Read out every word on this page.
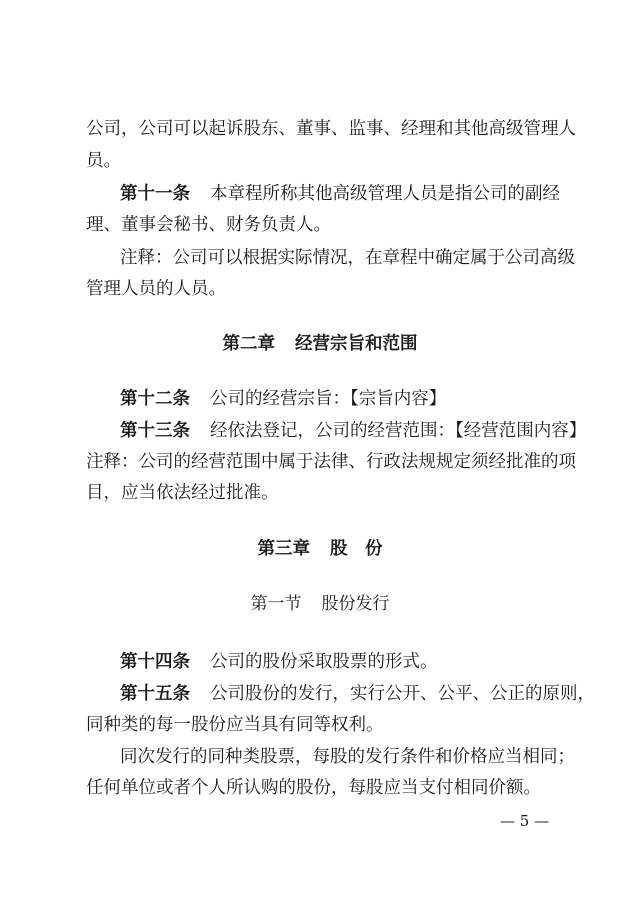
公司，公司可以起诉股东、董事、监事、经理和其他高级管理人
员。
第十一条 本章程所称其他高级管理人员是指公司的副经
理、董事会秘书、财务负责人。
注释：公司可以根据实际情况，在章程中确定属于公司高级
管理人员的人员。
第二章 经营宗旨和范围
第十二条 公司的经营宗旨：【宗旨内容】
第十三条 经依法登记，公司的经营范围：【经营范围内容】
注释：公司的经营范围中属于法律、行政法规规定须经批准的项
目，应当依法经过批准。
第三章 股　份
第一节 股份发行
第十四条 公司的股份采取股票的形式。
第十五条 公司股份的发行，实行公开、公平、公正的原则，
同种类的每一股份应当具有同等权利。
同次发行的同种类股票，每股的发行条件和价格应当相同；
任何单位或者个人所认购的股份，每股应当支付相同价额。
— 5 —
